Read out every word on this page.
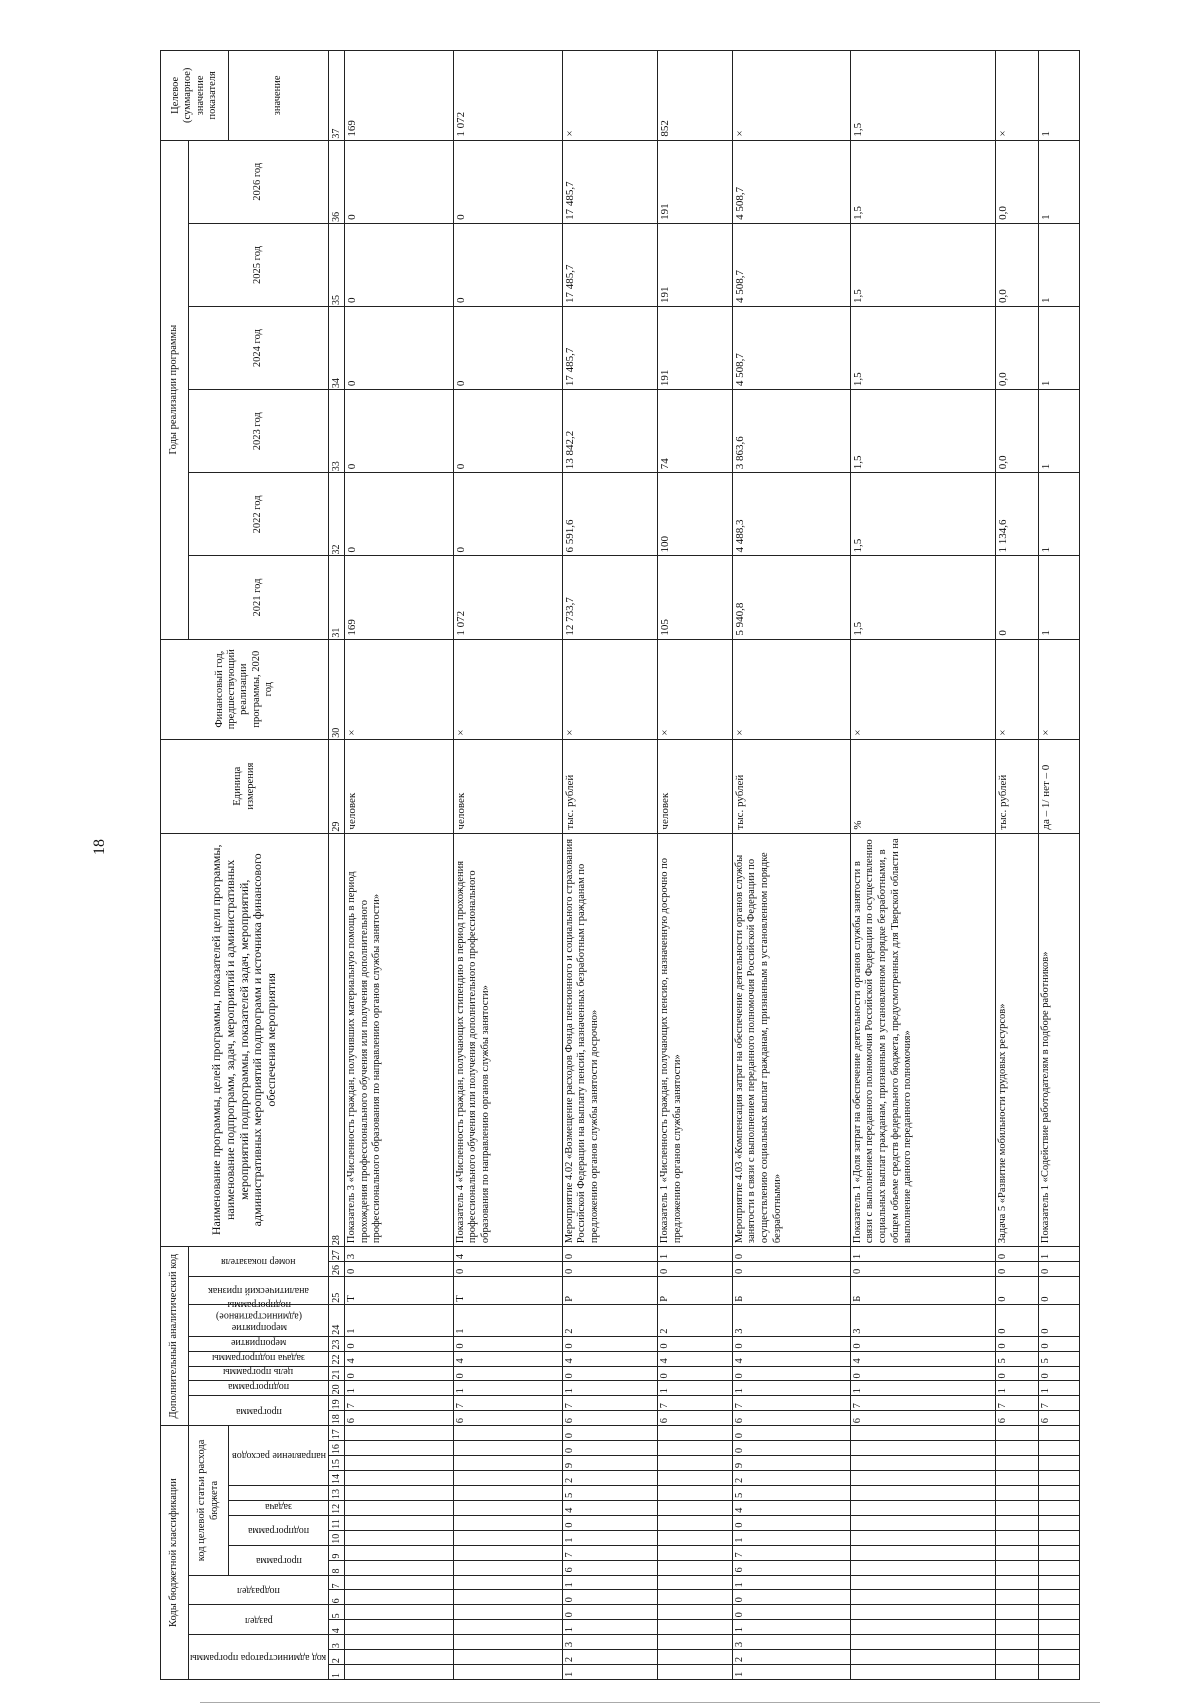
18
Коды бюджетной классификации																	Дополнительный аналитический код										Наименование программы, целей программы, показателей цели программы, наименование подпрограмм, задач, мероприятий и административных мероприятий подпрограммы, показателей задач, мероприятий, административных мероприятий подпрограмм и источника финансового обеспечения мероприятия	Единица измерения	Финансовый год, предшествующий реализации программы, 2020 год	Годы реализации программы						Целевое (суммарное) значение показателя

код администратора программы			раздел		подраздел		код целевой статьи расхода бюджета										программа		подпрограмма	цель программы	задача подпрограммы	мероприятие	мероприятие (административное) подпрограммы	аналитический признак	номер показателя					2021 год	2022 год	2023 год	2024 год	2025 год	2026 год	

							программа		подпрограмма		задача		направление расходов																							значение
1	2	3	4	5	6	7	8	9	10	11	12	13	14	15	16	17	18	19	20	21	22	23	24	25	26	27	28	29	30	31	32	33	34	35	36	37
																	6	7	1	0	4	0	1	Т	0	3	Показатель 3 «Численность граждан, получивших материальную помощь в период прохождения профессионального обучения или получения дополнительного профессионального образования по направлению органов службы занятости»	человек	×	169	0	0	0	0	0	169
																	6	7	1	0	4	0	1	Т	0	4	Показатель 4 «Численность граждан, получающих стипендию в период прохождения профессионального обучения или получения дополнительного профессионального образования по направлению органов службы занятости»	человек	×	1 072	0	0	0	0	0	1 072
1	2	3	1	0	0	1	6	7	1	0	4	5	2	9	0	0	6	7	1	0	4	0	2	Р	0	0	Мероприятие 4.02 «Возмещение расходов Фонда пенсионного и социального страхования Российской Федерации на выплату пенсий, назначенных безработным гражданам по предложению органов службы занятости досрочно»	тыс. рублей	×	12 733,7	6 591,6	13 842,2	17 485,7	17 485,7	17 485,7	×
																	6	7	1	0	4	0	2	Р	0	1	Показатель 1 «Численность граждан, получающих пенсию, назначенную досрочно по предложению органов службы занятости»	человек	×	105	100	74	191	191	191	852
1	2	3	1	0	0	1	6	7	1	0	4	5	2	9	0	0	6	7	1	0	4	0	3	Б	0	0	Мероприятие 4.03 «Компенсация затрат на обеспечение деятельности органов службы занятости в связи с выполнением переданного полномочия Российской Федерации по осуществлению социальных выплат гражданам, признанным в установленном порядке безработными»	тыс. рублей	×	5 940,8	4 488,3	3 863,6	4 508,7	4 508,7	4 508,7	×
																	6	7	1	0	4	0	3	Б	0	1	Показатель 1 «Доля затрат на обеспечение деятельности органов службы занятости в связи с выполнением переданного полномочия Российской Федерации по осуществлению социальных выплат гражданам, признанным в установленном порядке безработными, в общем объеме средств федерального бюджета, предусмотренных для Тверской области на выполнение данного переданного полномочия»	%	×	1,5	1,5	1,5	1,5	1,5	1,5	1,5
																	6	7	1	0	5	0	0	0	0	0	Задача 5 «Развитие мобильности трудовых ресурсов»	тыс. рублей	×	0	1 134,6	0,0	0,0	0,0	0,0	×
																	6	7	1	0	5	0	0	0	0	1	Показатель 1 «Содействие работодателям в подборе работников»	да – 1/ нет – 0	×	1	1	1	1	1	1	1
